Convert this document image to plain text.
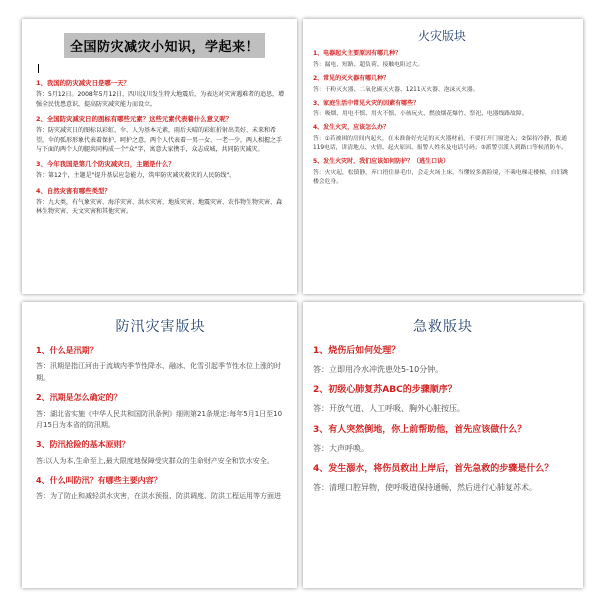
全国防灾减灾小知识，学起来！
1、我国的防灾减灾日是哪一天？
答：5月12日。2008年5月12日，四川汶川发生特大地震后，为表达对灾害遇难者的追思，增强全民忧患意识，提高防灾减灾能力而设立。
2、全国防灾减灾日的图标有哪些元素？这些元素代表着什么意义呢？
答：防灾减灾日的图标以彩虹、伞、人为基本元素，雨后天晴的彩虹折射出美好、未来和希望，伞的弧形形象代表着保护，呵护之意，两个人代表着一男一女、一老一少，两人相握之手与下面的两个人的腿共同构成一个"众"字，寓意大家携手，众志成城，共同防灾减灾。
3、今年我国是第几个防灾减灾日，主题是什么？
答：第12个，主题是"提升基层应急能力，筑牢防灾减灾救灾的人民防线"。
4、自然灾害有哪些类型？
答：九大类，有气象灾害、海洋灾害、洪水灾害、地质灾害、地震灾害、农作物生物灾害、森林生物灾害、天文灾害和其他灾害。
火灾版块
1、电器起火主要原因有哪几种？
答：漏电、短路、超负荷、接触电阻过大。
2、常见的灭火器有哪几种？
答：干粉灭火器、二氧化碳灭火器、1211灭火器、泡沫灭火器。
3、家庭生活中常见火灾的因素有哪些？
答：吸烟、用电不慎、用火不慎、小孩玩火、燃放烟花爆竹、祭祀、电器线路故障。
4、发生火灾，应该怎么办？
答：①若被困的房间内起火，在未准备好充足的灭火器材前，不要打开门窗进入；②保持冷静，拨通119电话，讲清地点、火情、起火原因、报警人姓名及电话号码；③派警引派人到路口等候消防车。
5、发生火灾时，我们应该如何防护？（逃生口诀）
答：火灾起，松镇静，弃口捂住鼻毛巾，会走火场上床，当懂较多离险境，不乘电梯走楼梯，自旧跳楼会危身。
防汛灾害版块
1、什么是汛期？
答：汛期是指江河由于流域内季节性降水、融冰、化雪引起季节性水位上涨的时期。
2、汛期是怎么确定的？
答：湖北省实施《中华人民共和国防汛条例》细则第21条规定:每年5月1日至10月15日为本省的防汛期。
3、防汛抢险的基本原则？
答:以人为本,生命至上,最大限度地保障受灾群众的生命财产安全和饮水安全。
4、什么叫防汛？有哪些主要内容？
答：为了防止和减轻洪水灾害，在洪水预报、防洪调度、防洪工程运用等方面进
急救版块
1、烧伤后如何处理？
答：立即用冷水冲洗患处5-10分钟。
2、初级心肺复苏ABC的步骤顺序？
答：开放气道、人工呼吸、胸外心脏按压。
3、有人突然倒地，你上前帮助他，首先应该做什么？
答：大声呼唤。
4、发生溺水，将伤员救出上岸后，首先急救的步骤是什么？
答：清理口腔异物，使呼吸道保持通畅，然后进行心肺复苏术。
